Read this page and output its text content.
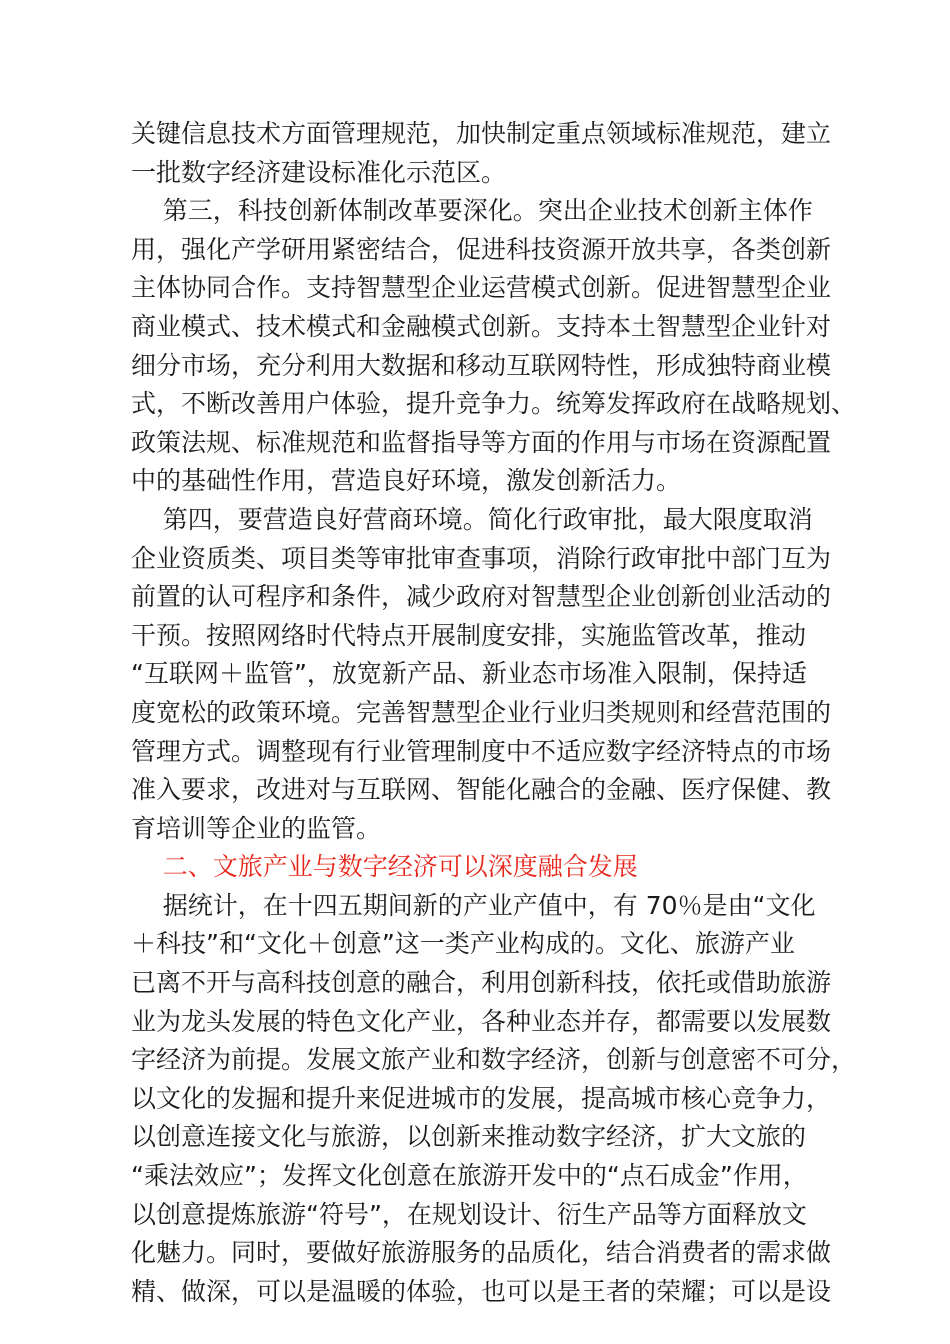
关键信息技术方面管理规范，加快制定重点领域标准规范，建立
一批数字经济建设标准化示范区。
第三，科技创新体制改革要深化。突出企业技术创新主体作
用，强化产学研用紧密结合，促进科技资源开放共享，各类创新
主体协同合作。支持智慧型企业运营模式创新。促进智慧型企业
商业模式、技术模式和金融模式创新。支持本土智慧型企业针对
细分市场，充分利用大数据和移动互联网特性，形成独特商业模
式，不断改善用户体验，提升竞争力。统筹发挥政府在战略规划、
政策法规、标准规范和监督指导等方面的作用与市场在资源配置
中的基础性作用，营造良好环境，激发创新活力。
第四，要营造良好营商环境。简化行政审批，最大限度取消
企业资质类、项目类等审批审查事项，消除行政审批中部门互为
前置的认可程序和条件，减少政府对智慧型企业创新创业活动的
干预。按照网络时代特点开展制度安排，实施监管改革，推动
“互联网＋监管”，放宽新产品、新业态市场准入限制，保持适
度宽松的政策环境。完善智慧型企业行业归类规则和经营范围的
管理方式。调整现有行业管理制度中不适应数字经济特点的市场
准入要求，改进对与互联网、智能化融合的金融、医疗保健、教
育培训等企业的监管。
二、文旅产业与数字经济可以深度融合发展
据统计，在十四五期间新的产业产值中，有 70％是由“文化
＋科技”和“文化＋创意”这一类产业构成的。文化、旅游产业
已离不开与高科技创意的融合，利用创新科技，依托或借助旅游
业为龙头发展的特色文化产业，各种业态并存，都需要以发展数
字经济为前提。发展文旅产业和数字经济，创新与创意密不可分，
以文化的发掘和提升来促进城市的发展，提高城市核心竞争力，
以创意连接文化与旅游，以创新来推动数字经济，扩大文旅的
“乘法效应”；发挥文化创意在旅游开发中的“点石成金”作用，
以创意提炼旅游“符号”，在规划设计、衍生产品等方面释放文
化魅力。同时，要做好旅游服务的品质化，结合消费者的需求做
精、做深，可以是温暖的体验，也可以是王者的荣耀；可以是设
